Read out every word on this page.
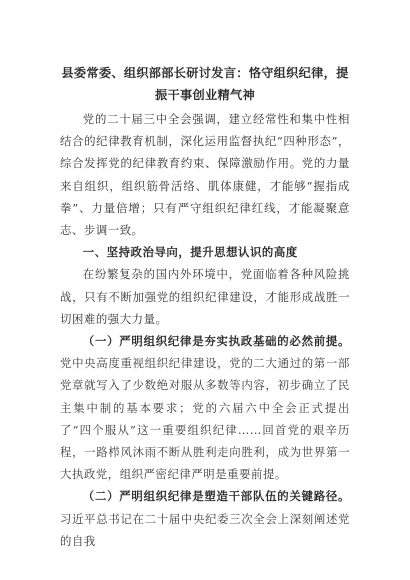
县委常委、组织部部长研讨发言：恪守组织纪律，提振干事创业精气神

党的二十届三中全会强调，建立经常性和集中性相结合的纪律教育机制，深化运用监督执纪“四种形态”，综合发挥党的纪律教育约束、保障激励作用。党的力量来自组织，组织筋骨活络、肌体康健，才能够“握指成拳”、力量倍增；只有严守组织纪律红线，才能凝聚意志、步调一致。

一、坚持政治导向，提升思想认识的高度

在纷繁复杂的国内外环境中，党面临着各种风险挑战，只有不断加强党的组织纪律建设，才能形成战胜一切困难的强大力量。

（一）严明组织纪律是夯实执政基础的必然前提。党中央高度重视组织纪律建设，党的二大通过的第一部党章就写入了少数绝对服从多数等内容，初步确立了民主集中制的基本要求；党的六届六中全会正式提出了“四个服从”这一重要组织纪律……回首党的艰辛历程，一路栉风沐雨不断从胜利走向胜利，成为世界第一大执政党，组织严密纪律严明是重要前提。

（二）严明组织纪律是塑造干部队伍的关键路径。习近平总书记在二十届中央纪委三次全会上深刻阐述党的自我
